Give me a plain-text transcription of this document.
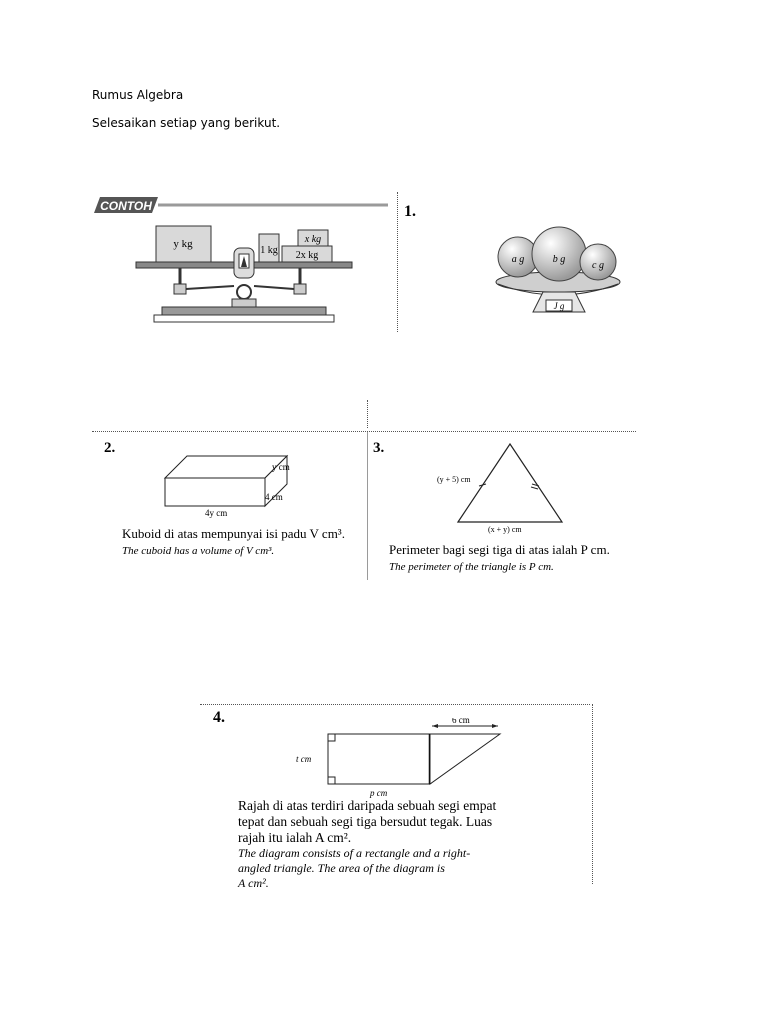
Rumus Algebra
Selesaikan setiap yang berikut.
CONTOH
y kg
1 kg
x kg
2x kg
1.
J g
a g	b g
c g
2.
y cm
4 cm
4y cm
Kuboid di atas mempunyai isi padu V cm³.
The cuboid has a volume of V cm³.
3.
(y + 5) cm
(x + y) cm
Perimeter bagi segi tiga di atas ialah P cm.
The perimeter of the triangle is P cm.
4.	6 cm
t cm
p cm
Rajah di atas terdiri daripada sebuah segi empat
tepat dan sebuah segi tiga bersudut tegak. Luas
rajah itu ialah A cm².
The diagram consists of a rectangle and a right-
angled triangle. The area of the diagram is
A cm².
